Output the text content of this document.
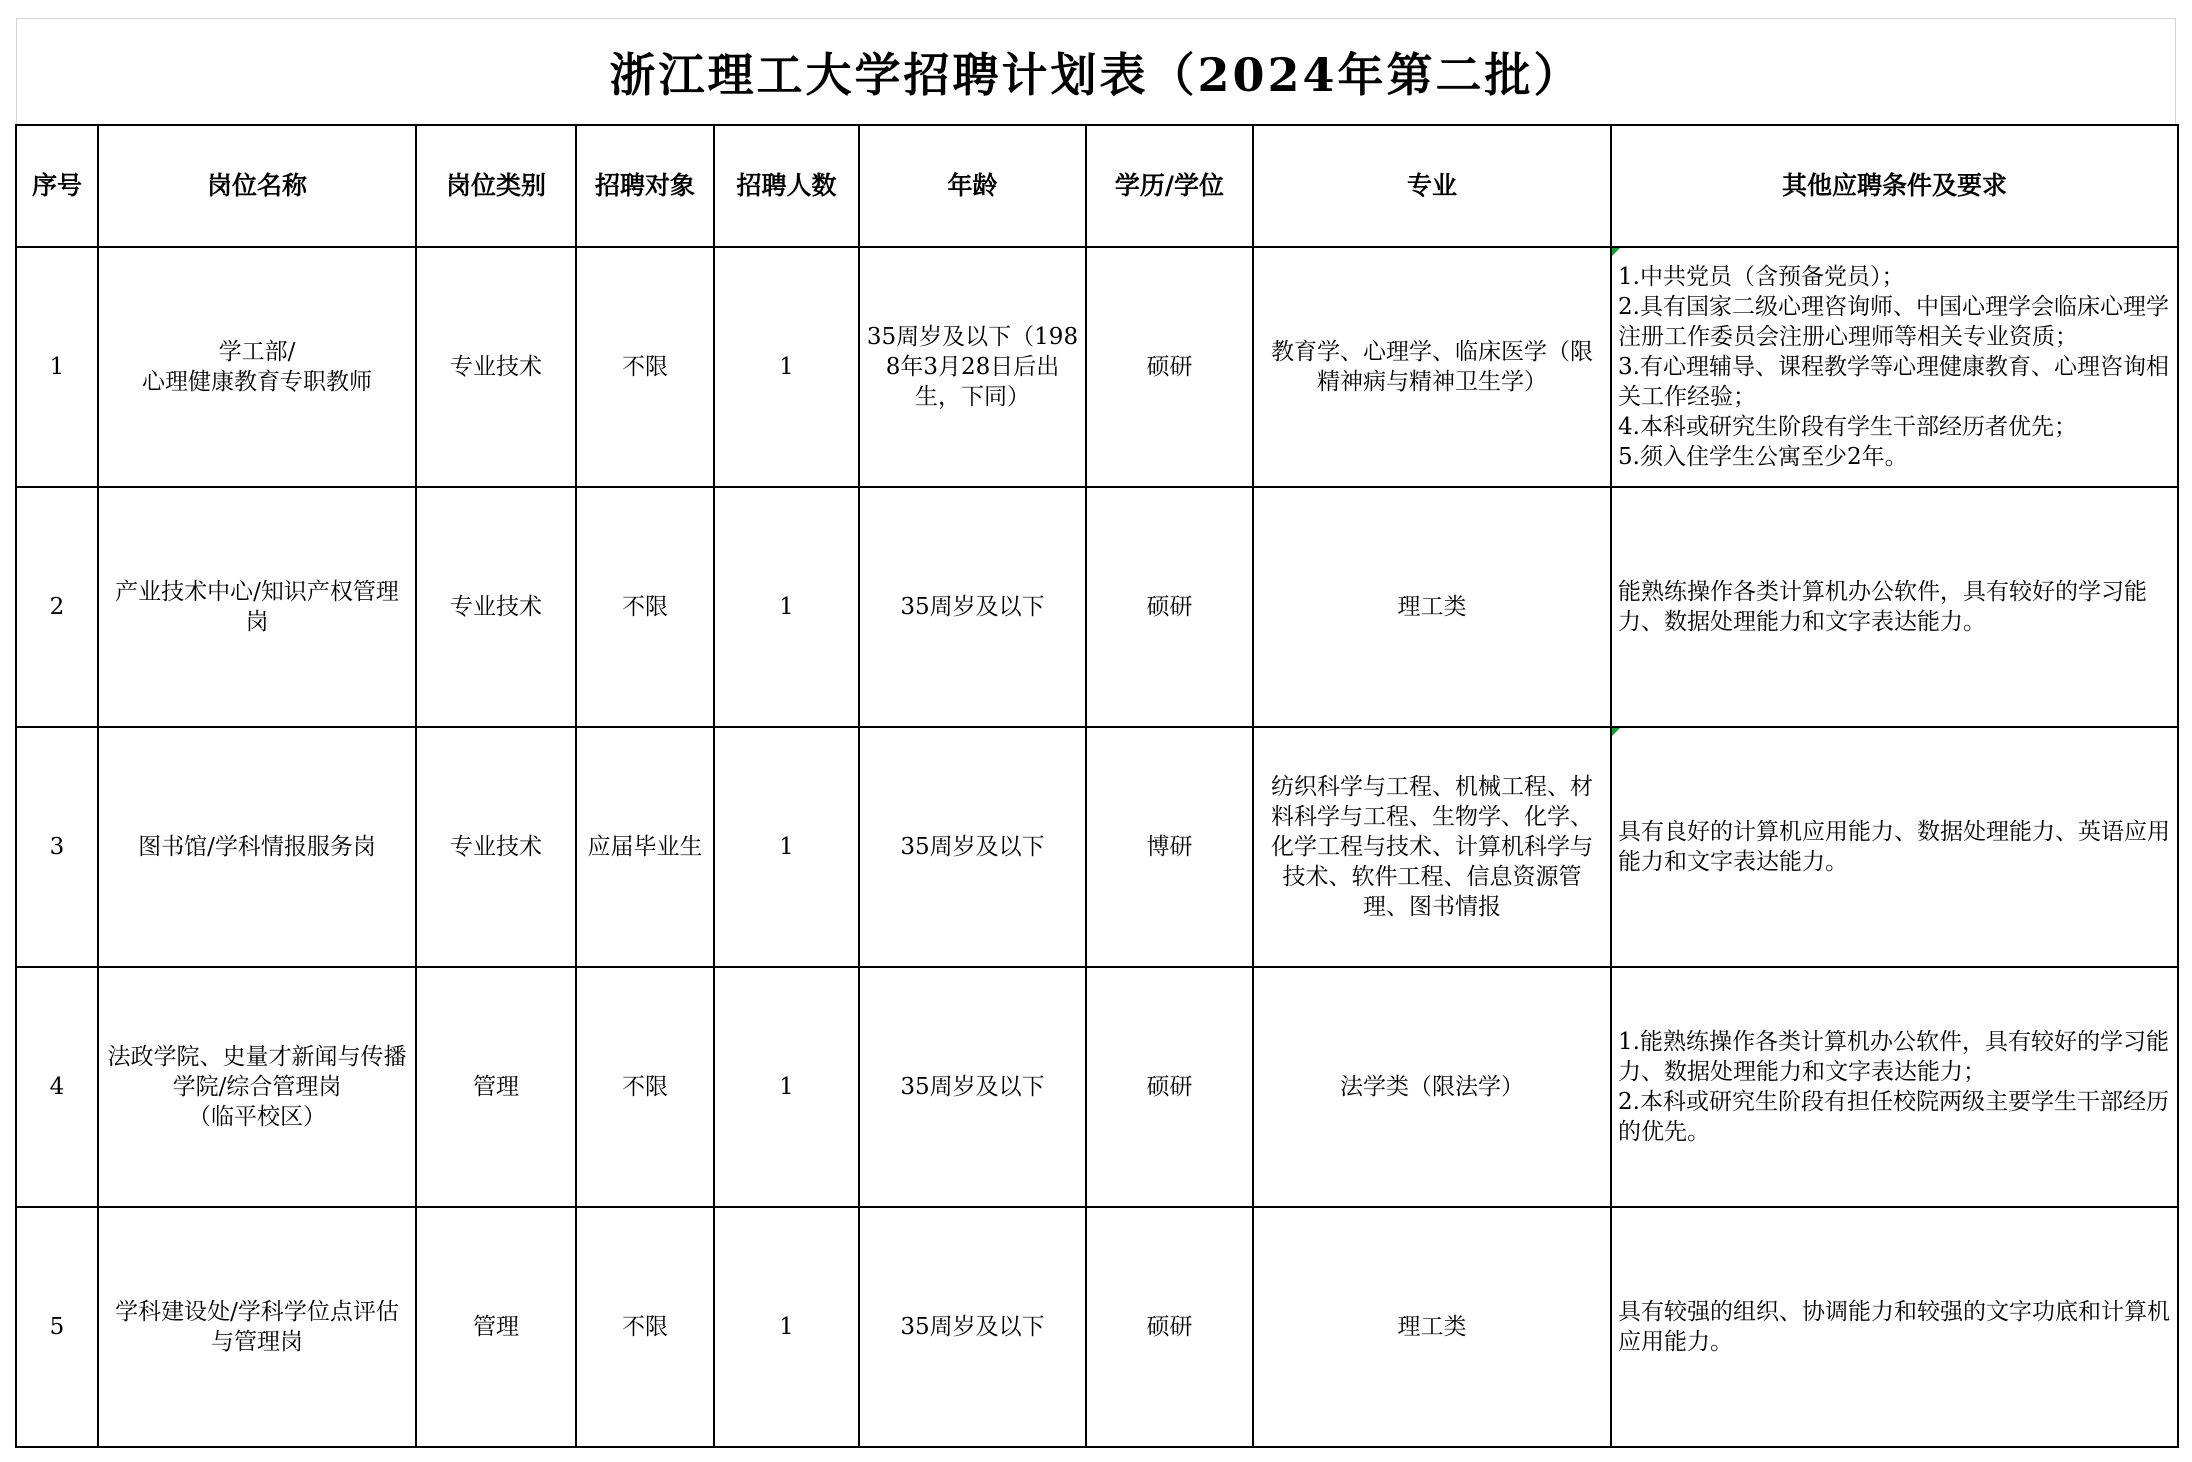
浙江理工大学招聘计划表（2024年第二批）
序号	岗位名称	岗位类别	招聘对象	招聘人数	年龄	学历/学位	专业	其他应聘条件及要求
1	学工部/
心理健康教育专职教师	专业技术	不限	1	35周岁及以下（1988年3月28日后出生，下同）	硕研	教育学、心理学、临床医学（限精神病与精神卫生学）	1.中共党员（含预备党员）；
2.具有国家二级心理咨询师、中国心理学会临床心理学注册工作委员会注册心理师等相关专业资质；
3.有心理辅导、课程教学等心理健康教育、心理咨询相关工作经验；
4.本科或研究生阶段有学生干部经历者优先；
5.须入住学生公寓至少2年。

2	产业技术中心/知识产权管理岗	专业技术	不限	1	35周岁及以下	硕研	理工类	能熟练操作各类计算机办公软件，具有较好的学习能力、数据处理能力和文字表达能力。

3	图书馆/学科情报服务岗	专业技术	应届毕业生	1	35周岁及以下	博研	纺织科学与工程、机械工程、材料科学与工程、生物学、化学、化学工程与技术、计算机科学与技术、软件工程、信息资源管理、图书情报	具有良好的计算机应用能力、数据处理能力、英语应用能力和文字表达能力。

4	法政学院、史量才新闻与传播学院/综合管理岗
（临平校区）	管理	不限	1	35周岁及以下	硕研	法学类（限法学）	1.能熟练操作各类计算机办公软件，具有较好的学习能力、数据处理能力和文字表达能力；
2.本科或研究生阶段有担任校院两级主要学生干部经历的优先。

5	学科建设处/学科学位点评估与管理岗	管理	不限	1	35周岁及以下	硕研	理工类	具有较强的组织、协调能力和较强的文字功底和计算机应用能力。
